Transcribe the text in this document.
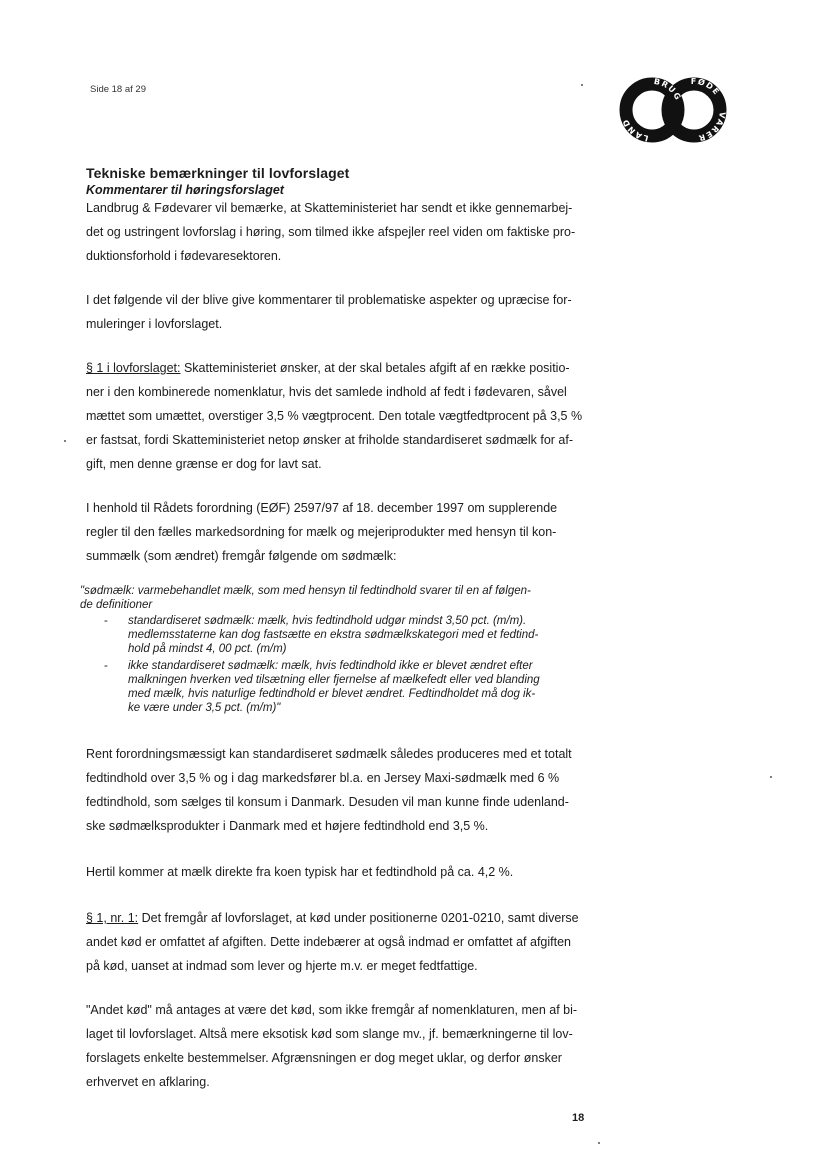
Side 18 af 29
BRUG
LAND
FØDE
VARER
Tekniske bemærkninger til lovforslaget
Kommentarer til høringsforslaget

Landbrug & Fødevarer vil bemærke, at Skatteministeriet har sendt et ikke gennemarbej-

det og ustringent lovforslag i høring, som tilmed ikke afspejler reel viden om faktiske pro-

duktionsforhold i fødevaresektoren.

I det følgende vil der blive give kommentarer til problematiske aspekter og upræcise for-

muleringer i lovforslaget.

§ 1 i lovforslaget: Skatteministeriet ønsker, at der skal betales afgift af en række positio-

ner i den kombinerede nomenklatur, hvis det samlede indhold af fedt i fødevaren, såvel

mættet som umættet, overstiger 3,5 % vægtprocent. Den totale vægtfedtprocent på 3,5 %

er fastsat, fordi Skatteministeriet netop ønsker at friholde standardiseret sødmælk for af-

gift, men denne grænse er dog for lavt sat.

I henhold til Rådets forordning (EØF) 2597/97 af 18. december 1997 om supplerende

regler til den fælles markedsordning for mælk og mejeriprodukter med hensyn til kon-

summælk (som ændret) fremgår følgende om sødmælk:

"sødmælk: varmebehandlet mælk, som med hensyn til fedtindhold svarer til en af følgen-
de definitioner
- standardiseret sødmælk: mælk, hvis fedtindhold udgør mindst 3,50 pct. (m/m).
medlemsstaterne kan dog fastsætte en ekstra sødmælkskategori med et fedtind-
hold på mindst 4, 00 pct. (m/m)
- ikke standardiseret sødmælk: mælk, hvis fedtindhold ikke er blevet ændret efter
malkningen hverken ved tilsætning eller fjernelse af mælkefedt eller ved blanding
med mælk, hvis naturlige fedtindhold er blevet ændret. Fedtindholdet må dog ik-
ke være under 3,5 pct. (m/m)"

Rent forordningsmæssigt kan standardiseret sødmælk således produceres med et totalt

fedtindhold over 3,5 % og i dag markedsfører bl.a. en Jersey Maxi-sødmælk med 6 %

fedtindhold, som sælges til konsum i Danmark. Desuden vil man kunne finde udenland-

ske sødmælksprodukter i Danmark med et højere fedtindhold end 3,5 %.

Hertil kommer at mælk direkte fra koen typisk har et fedtindhold på ca. 4,2 %.

§ 1, nr. 1: Det fremgår af lovforslaget, at kød under positionerne 0201-0210, samt diverse

andet kød er omfattet af afgiften. Dette indebærer at også indmad er omfattet af afgiften

på kød, uanset at indmad som lever og hjerte m.v. er meget fedtfattige.

"Andet kød" må antages at være det kød, som ikke fremgår af nomenklaturen, men af bi-

laget til lovforslaget. Altså mere eksotisk kød som slange mv., jf. bemærkningerne til lov-

forslagets enkelte bestemmelser. Afgrænsningen er dog meget uklar, og derfor ønsker

erhvervet en afklaring.

18
